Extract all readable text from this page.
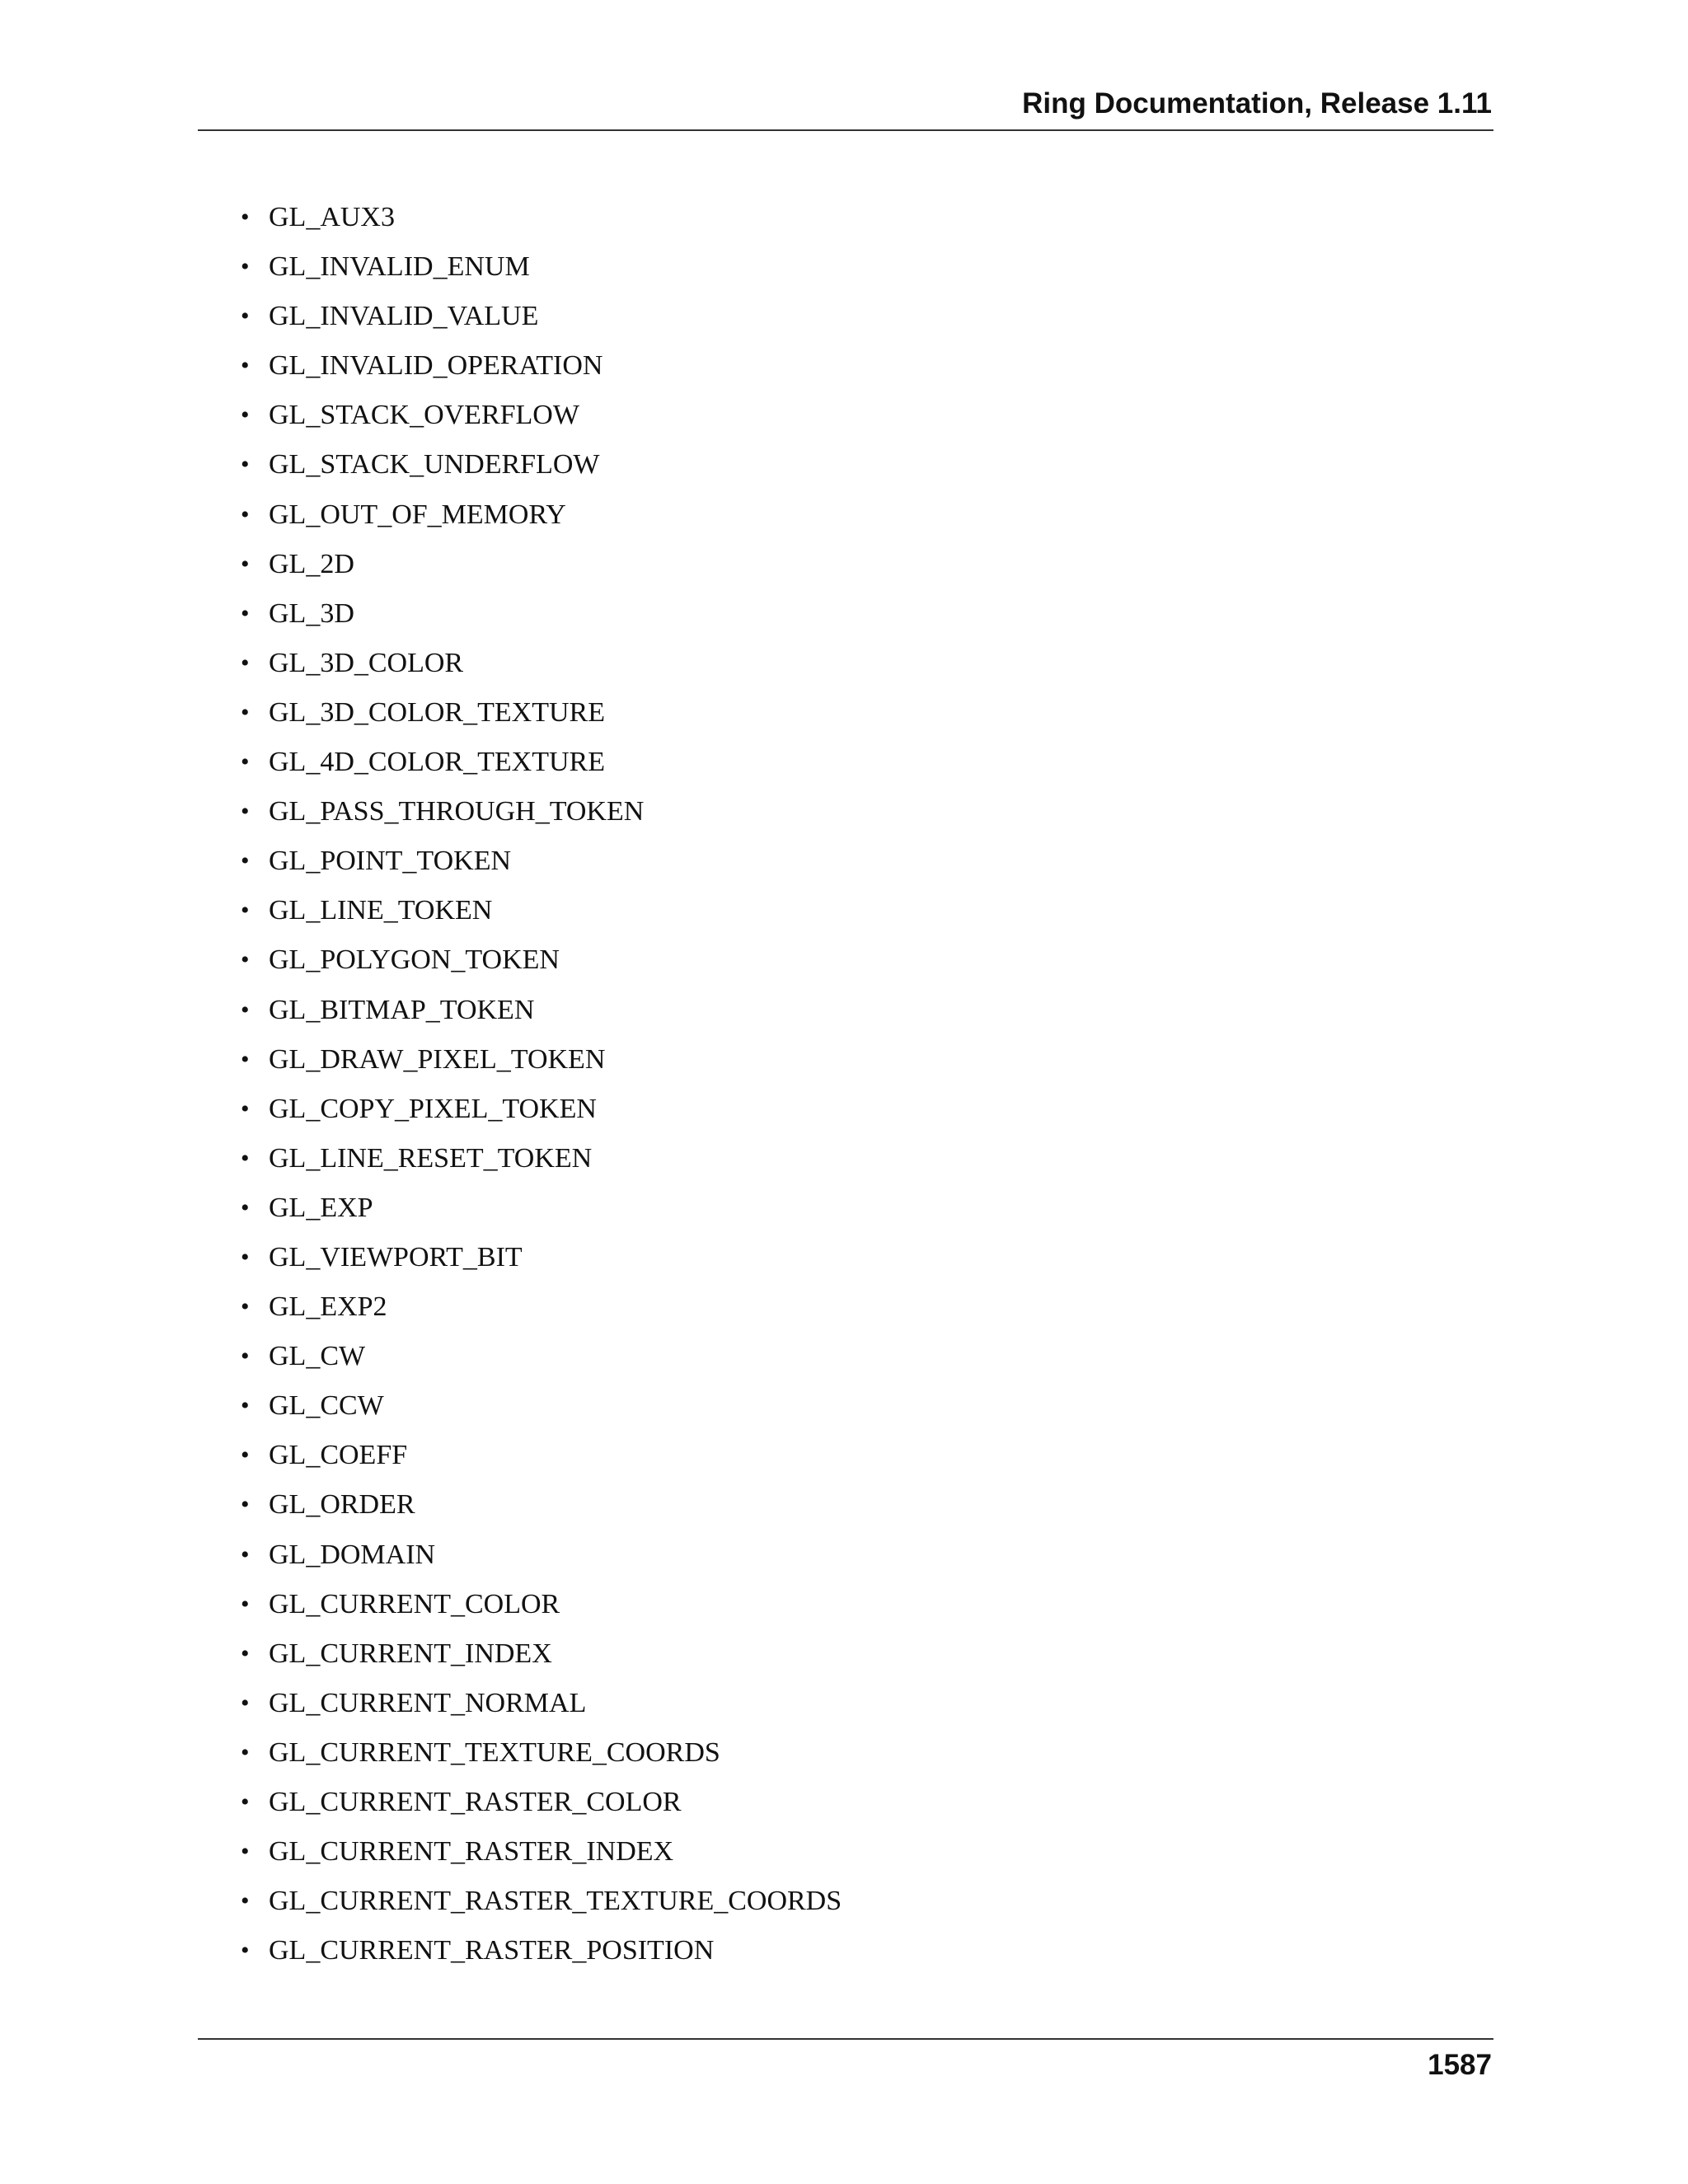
Ring Documentation, Release 1.11
• GL_AUX3
• GL_INVALID_ENUM
• GL_INVALID_VALUE
• GL_INVALID_OPERATION
• GL_STACK_OVERFLOW
• GL_STACK_UNDERFLOW
• GL_OUT_OF_MEMORY
• GL_2D
• GL_3D
• GL_3D_COLOR
• GL_3D_COLOR_TEXTURE
• GL_4D_COLOR_TEXTURE
• GL_PASS_THROUGH_TOKEN
• GL_POINT_TOKEN
• GL_LINE_TOKEN
• GL_POLYGON_TOKEN
• GL_BITMAP_TOKEN
• GL_DRAW_PIXEL_TOKEN
• GL_COPY_PIXEL_TOKEN
• GL_LINE_RESET_TOKEN
• GL_EXP
• GL_VIEWPORT_BIT
• GL_EXP2
• GL_CW
• GL_CCW
• GL_COEFF
• GL_ORDER
• GL_DOMAIN
• GL_CURRENT_COLOR
• GL_CURRENT_INDEX
• GL_CURRENT_NORMAL
• GL_CURRENT_TEXTURE_COORDS
• GL_CURRENT_RASTER_COLOR
• GL_CURRENT_RASTER_INDEX
• GL_CURRENT_RASTER_TEXTURE_COORDS
• GL_CURRENT_RASTER_POSITION
1587
